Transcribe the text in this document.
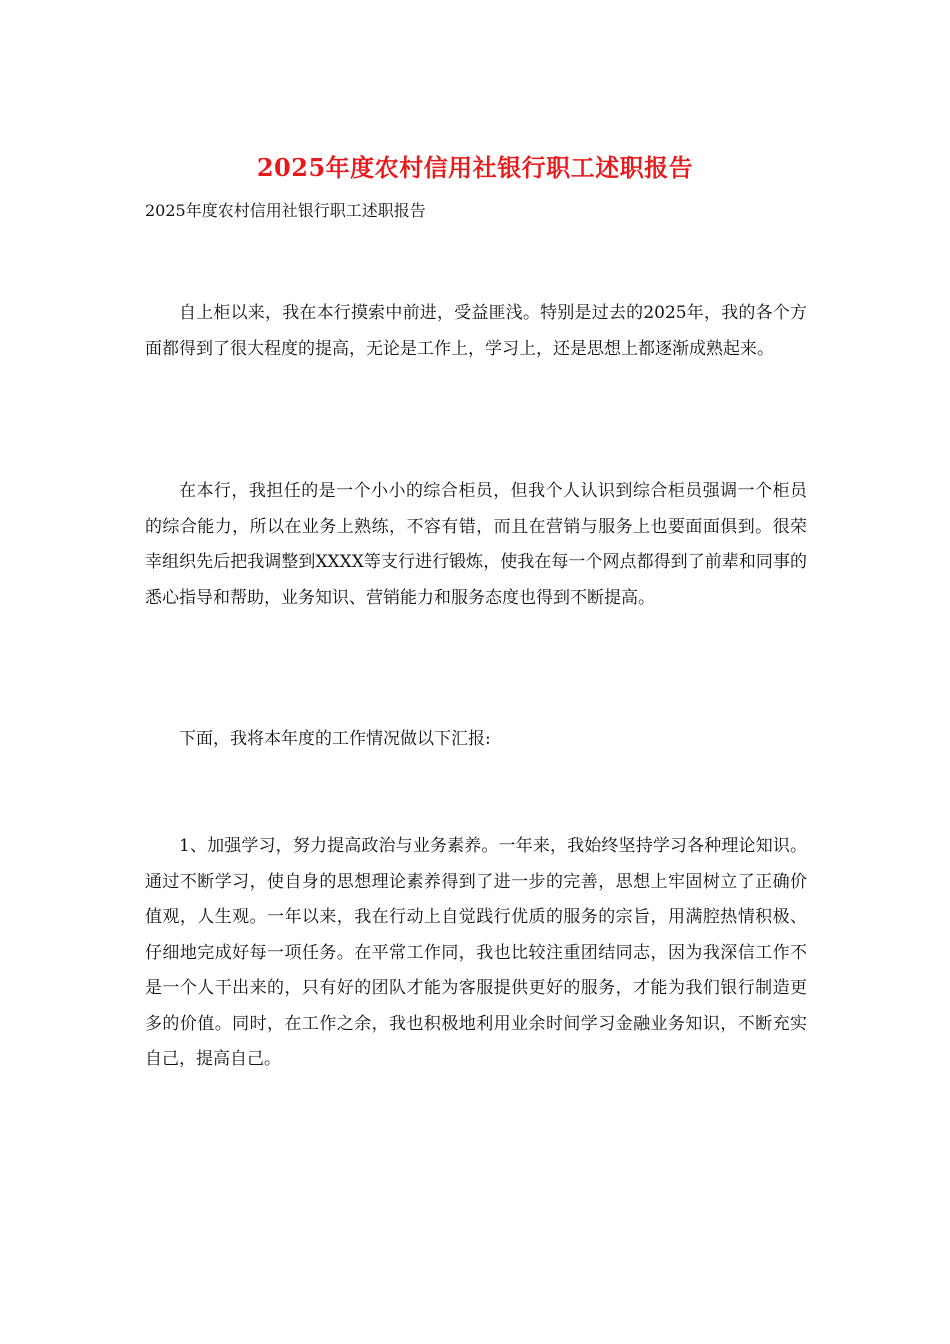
2025年度农村信用社银行职工述职报告
2025年度农村信用社银行职工述职报告

自上柜以来，我在本行摸索中前进，受益匪浅。特别是过去的2025年，我的各个方面都得到了很大程度的提高，无论是工作上，学习上，还是思想上都逐渐成熟起来。

在本行，我担任的是一个小小的综合柜员，但我个人认识到综合柜员强调一个柜员的综合能力，所以在业务上熟练，不容有错，而且在营销与服务上也要面面俱到。很荣幸组织先后把我调整到XXXX等支行进行锻炼，使我在每一个网点都得到了前辈和同事的悉心指导和帮助，业务知识、营销能力和服务态度也得到不断提高。

下面，我将本年度的工作情况做以下汇报:

1、加强学习，努力提高政治与业务素养。一年来，我始终坚持学习各种理论知识。通过不断学习，使自身的思想理论素养得到了进一步的完善，思想上牢固树立了正确价值观，人生观。一年以来，我在行动上自觉践行优质的服务的宗旨，用满腔热情积极、仔细地完成好每一项任务。在平常工作同，我也比较注重团结同志，因为我深信工作不是一个人干出来的，只有好的团队才能为客服提供更好的服务，才能为我们银行制造更多的价值。同时，在工作之余，我也积极地利用业余时间学习金融业务知识，不断充实自己，提高自己。
